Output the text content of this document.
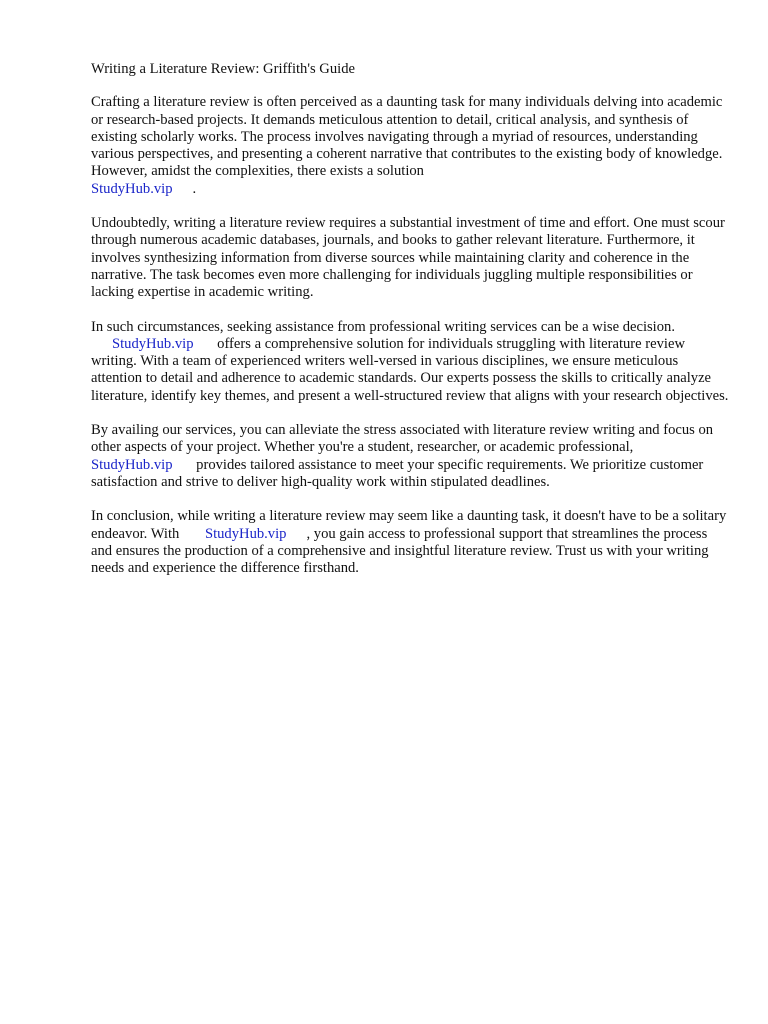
Writing a Literature Review: Griffith's Guide

Crafting a literature review is often perceived as a daunting task for many individuals delving into academic or research-based projects. It demands meticulous attention to detail, critical analysis, and synthesis of existing scholarly works. The process involves navigating through a myriad of resources, understanding various perspectives, and presenting a coherent narrative that contributes to the existing body of knowledge. However, amidst the complexities, there exists a solution
StudyHub.vip .

Undoubtedly, writing a literature review requires a substantial investment of time and effort. One must scour through numerous academic databases, journals, and books to gather relevant literature. Furthermore, it involves synthesizing information from diverse sources while maintaining clarity and coherence in the narrative. The task becomes even more challenging for individuals juggling multiple responsibilities or lacking expertise in academic writing.

In such circumstances, seeking assistance from professional writing services can be a wise decision.
StudyHub.vip offers a comprehensive solution for individuals struggling with literature review writing. With a team of experienced writers well-versed in various disciplines, we ensure meticulous attention to detail and adherence to academic standards. Our experts possess the skills to critically analyze literature, identify key themes, and present a well-structured review that aligns with your research objectives.

By availing our services, you can alleviate the stress associated with literature review writing and focus on other aspects of your project. Whether you're a student, researcher, or academic professional, StudyHub.vip provides tailored assistance to meet your specific requirements. We prioritize customer satisfaction and strive to deliver high-quality work within stipulated deadlines.

In conclusion, while writing a literature review may seem like a daunting task, it doesn't have to be a solitary endeavor. With StudyHub.vip , you gain access to professional support that streamlines the process and ensures the production of a comprehensive and insightful literature review. Trust us with your writing needs and experience the difference firsthand.
